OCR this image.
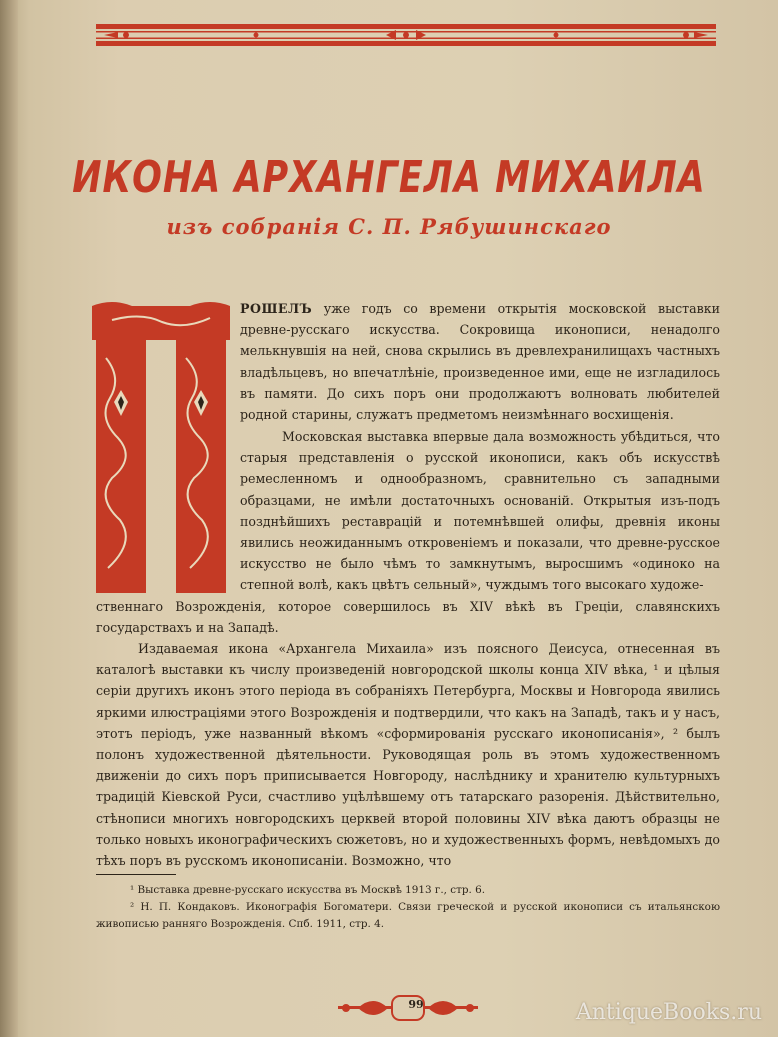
ИКОНА АРХАНГЕЛА МИХАИЛА
изъ собранія С. П. Рябушинскаго
П

РОШЕЛЪ уже годъ со времени открытія московской выставки древне-русскаго искусства. Сокровища иконописи, ненадолго мелькнувшія на ней, снова скрылись въ древлехранилищахъ частныхъ владѣльцевъ, но впечатлѣніе, произведенное ими, еще не изгладилось въ памяти. До сихъ поръ они продолжаютъ волновать любителей родной старины, служатъ предметомъ неизмѣннаго восхищенія.

Московская выставка впервые дала возможность убѣдиться, что старыя представленія о русской иконописи, какъ объ искусствѣ ремесленномъ и однообразномъ, сравнительно съ западными образцами, не имѣли достаточныхъ основаній. Открытыя изъ-подъ позднѣйшихъ реставрацій и потемнѣвшей олифы, древнія иконы явились неожиданнымъ откровеніемъ и показали, что древне-русское искусство не было чѣмъ то замкнутымъ, выросшимъ «одиноко на степной волѣ, какъ цвѣтъ сельный», чуждымъ того высокаго художе-

ственнаго Возрожденія, которое совершилось въ XIV вѣкѣ въ Греціи, славянскихъ государствахъ и на Западѣ.

Издаваемая икона «Архангела Михаила» изъ поясного Деисуса, отнесенная въ каталогѣ выставки къ числу произведеній новгородской школы конца XIV вѣка, ¹ и цѣлыя серіи другихъ иконъ этого періода въ собраніяхъ Петербурга, Москвы и Новгорода явились яркими илюстраціями этого Возрожденія и подтвердили, что какъ на Западѣ, такъ и у насъ, этотъ періодъ, уже названный вѣкомъ «сформированія русскаго иконописанія», ² былъ полонъ художественной дѣятельности. Руководящая роль въ этомъ художественномъ движеніи до сихъ поръ приписывается Новгороду, наслѣднику и хранителю культурныхъ традицій Кіевской Руси, счастливо уцѣлѣвшему отъ татарскаго разоренія. Дѣйствительно, стѣнописи многихъ новгородскихъ церквей второй половины XIV вѣка даютъ образцы не только новыхъ иконографическихъ сюжетовъ, но и художественныхъ формъ, невѣдомыхъ до тѣхъ поръ въ русскомъ иконописаніи. Возможно, что

¹ Выставка древне-русскаго искусства въ Москвѣ 1913 г., стр. 6.

² Н. П. Кондаковъ. Иконографія Богоматери. Связи греческой и русской иконописи съ итальянскою живописью ранняго Возрожденія. Спб. 1911, стр. 4.

99	AntiqueBooks.ru
